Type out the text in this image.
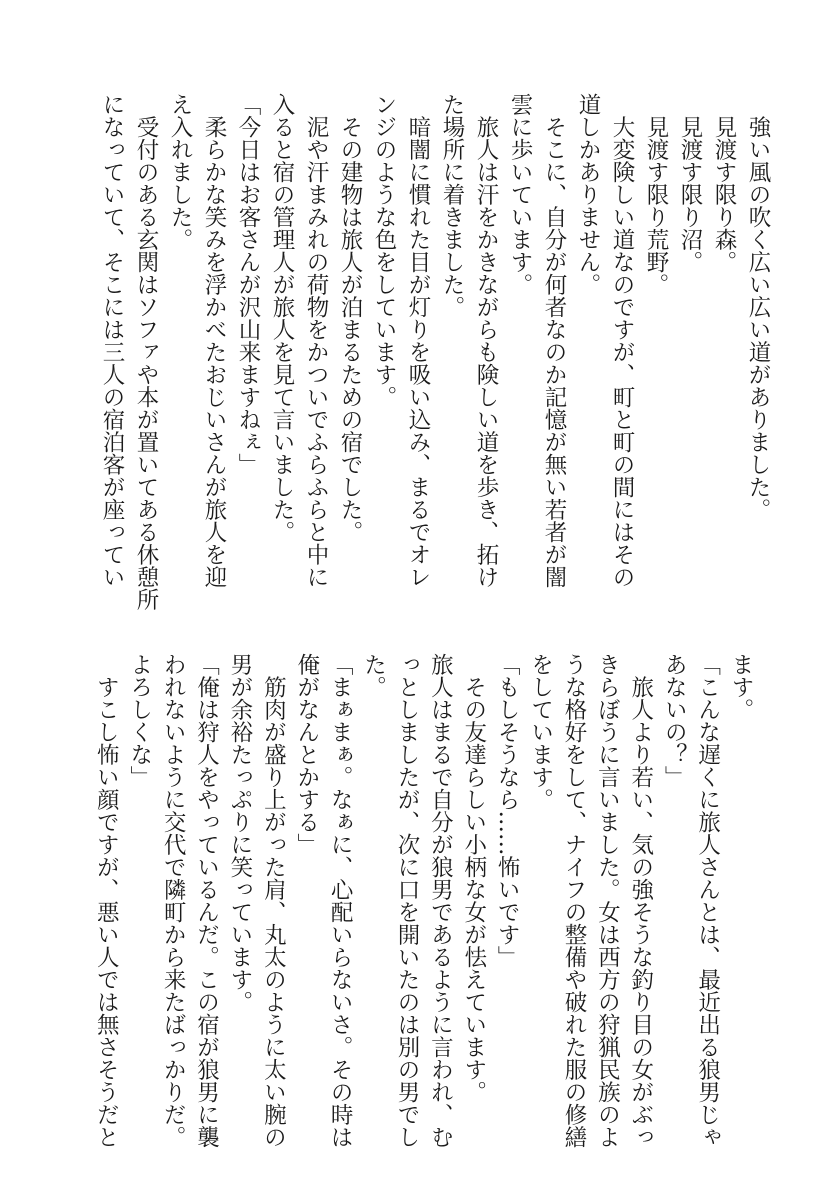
　強い風の吹く広い広い道がありました。
　見渡す限り森。
　見渡す限り沼。
　見渡す限り荒野。
　大変険しい道なのですが、町と町の間にはその
道しかありません。
　そこに、自分が何者なのか記憶が無い若者が闇
雲に歩いています。
　旅人は汗をかきながらも険しい道を歩き、拓け
た場所に着きました。
　暗闇に慣れた目が灯りを吸い込み、まるでオレ
ンジのような色をしています。
　その建物は旅人が泊まるための宿でした。
　泥や汗まみれの荷物をかついでふらふらと中に
入ると宿の管理人が旅人を見て言いました。
「今日はお客さんが沢山来ますねぇ」
　柔らかな笑みを浮かべたおじいさんが旅人を迎
え入れました。
　受付のある玄関はソファや本が置いてある休憩所
になっていて、そこには三人の宿泊客が座ってい
ます。
「こんな遅くに旅人さんとは、最近出る狼男じゃ
あないの？」
　旅人より若い、気の強そうな釣り目の女がぶっ
きらぼうに言いました。女は西方の狩猟民族のよ
うな格好をして、ナイフの整備や破れた服の修繕
をしています。
「もしそうなら……怖いです」
　その友達らしい小柄な女が怯えています。
旅人はまるで自分が狼男であるように言われ、む
っとしましたが、次に口を開いたのは別の男でし
た。
「まぁまぁ。なぁに、心配いらないさ。その時は
俺がなんとかする」
　筋肉が盛り上がった肩、丸太のように太い腕の
男が余裕たっぷりに笑っています。
「俺は狩人をやっているんだ。この宿が狼男に襲
われないように交代で隣町から来たばっかりだ。
よろしくな」
　すこし怖い顔ですが、悪い人では無さそうだと
